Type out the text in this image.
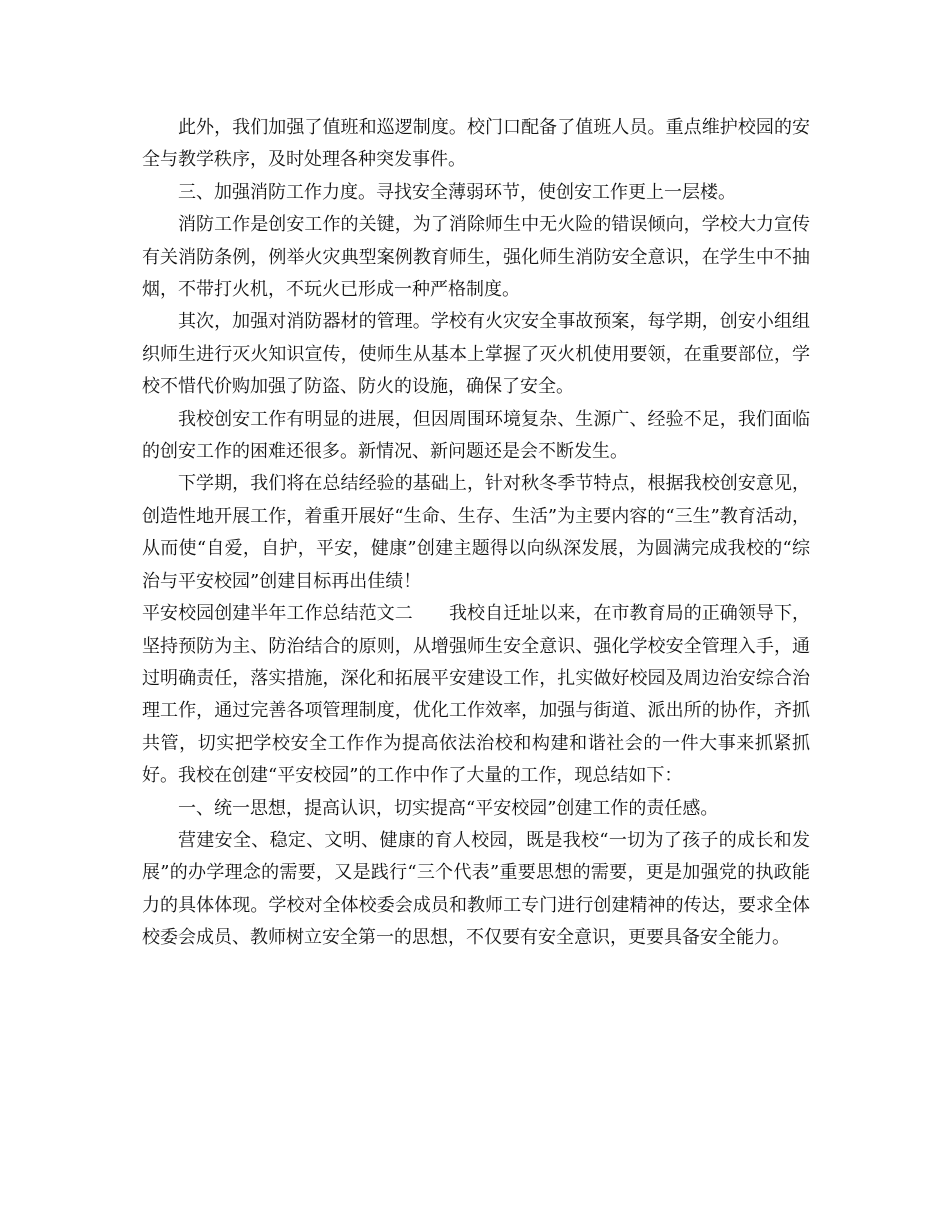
此外，我们加强了值班和巡逻制度。校门口配备了值班人员。重点维护校园的安全与教学秩序，及时处理各种突发事件。

三、加强消防工作力度。寻找安全薄弱环节，使创安工作更上一层楼。

消防工作是创安工作的关键，为了消除师生中无火险的错误倾向，学校大力宣传有关消防条例，例举火灾典型案例教育师生，强化师生消防安全意识，在学生中不抽烟，不带打火机，不玩火已形成一种严格制度。

其次，加强对消防器材的管理。学校有火灾安全事故预案，每学期，创安小组组织师生进行灭火知识宣传，使师生从基本上掌握了灭火机使用要领，在重要部位，学校不惜代价购加强了防盗、防火的设施，确保了安全。

我校创安工作有明显的进展，但因周围环境复杂、生源广、经验不足，我们面临的创安工作的困难还很多。新情况、新问题还是会不断发生。

下学期，我们将在总结经验的基础上，针对秋冬季节特点，根据我校创安意见，创造性地开展工作，着重开展好“生命、生存、生活”为主要内容的“三生”教育活动，从而使“自爱，自护，平安，健康”创建主题得以向纵深发展，为圆满完成我校的“综治与平安校园”创建目标再出佳绩！

平安校园创建半年工作总结范文二　　 我校自迁址以来，在市教育局的正确领导下，坚持预防为主、防治结合的原则，从增强师生安全意识、强化学校安全管理入手，通过明确责任，落实措施，深化和拓展平安建设工作，扎实做好校园及周边治安综合治理工作，通过完善各项管理制度，优化工作效率，加强与街道、派出所的协作，齐抓共管，切实把学校安全工作作为提高依法治校和构建和谐社会的一件大事来抓紧抓好。我校在创建“平安校园”的工作中作了大量的工作，现总结如下：

一、统一思想，提高认识，切实提高“平安校园”创建工作的责任感。

营建安全、稳定、文明、健康的育人校园，既是我校“一切为了孩子的成长和发展”的办学理念的需要，又是践行“三个代表”重要思想的需要，更是加强党的执政能力的具体体现。学校对全体校委会成员和教师工专门进行创建精神的传达，要求全体校委会成员、教师树立安全第一的思想，不仅要有安全意识，更要具备安全能力。
